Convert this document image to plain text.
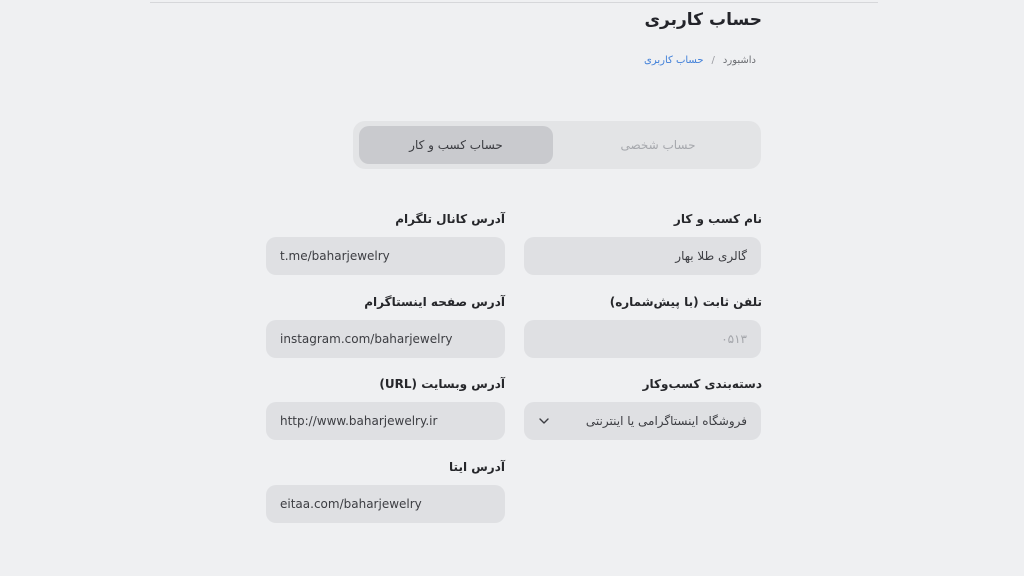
حساب کاربری
داشبورد
/
حساب کاربری
حساب شخصی
حساب کسب و کار
نام کسب و کار
گالری طلا بهار
تلفن ثابت (با پیش‌شماره)
۰۵۱۳
دسته‌بندی کسب‌وکار
فروشگاه اینستاگرامی یا اینترنتی
آدرس کانال تلگرام
t.me/baharjewelry
آدرس صفحه اینستاگرام
instagram.com/baharjewelry
آدرس وبسایت (URL)
http://www.baharjewelry.ir
آدرس ایتا
eitaa.com/baharjewelry
